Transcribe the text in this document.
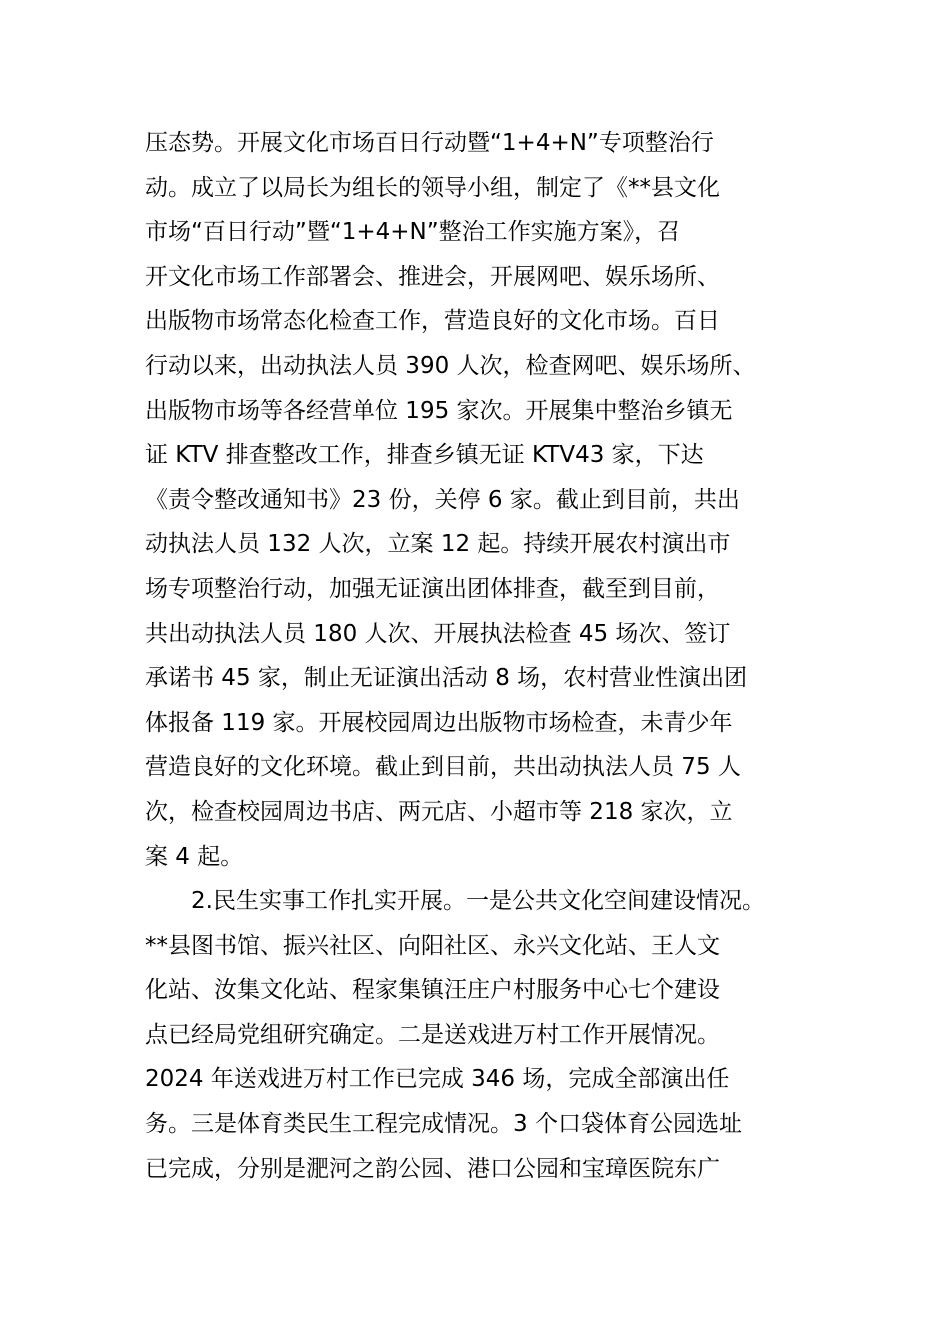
压态势。开展文化市场百日行动暨“1+4+N”专项整治行
动。成立了以局长为组长的领导小组，制定了《**县文化
市场“百日行动”暨“1+4+N”整治工作实施方案》，召
开文化市场工作部署会、推进会，开展网吧、娱乐场所、
出版物市场常态化检查工作，营造良好的文化市场。百日
行动以来，出动执法人员 390 人次，检查网吧、娱乐场所、
出版物市场等各经营单位 195 家次。开展集中整治乡镇无
证 KTV 排查整改工作，排查乡镇无证 KTV43 家，下达
《责令整改通知书》23 份，关停 6 家。截止到目前，共出
动执法人员 132 人次，立案 12 起。持续开展农村演出市
场专项整治行动，加强无证演出团体排查，截至到目前，
共出动执法人员 180 人次、开展执法检查 45 场次、签订
承诺书 45 家，制止无证演出活动 8 场，农村营业性演出团
体报备 119 家。开展校园周边出版物市场检查，未青少年
营造良好的文化环境。截止到目前，共出动执法人员 75 人
次，检查校园周边书店、两元店、小超市等 218 家次，立
案 4 起。
2.民生实事工作扎实开展。一是公共文化空间建设情况。
**县图书馆、振兴社区、向阳社区、永兴文化站、王人文
化站、汝集文化站、程家集镇汪庄户村服务中心七个建设
点已经局党组研究确定。二是送戏进万村工作开展情况。
2024 年送戏进万村工作已完成 346 场，完成全部演出任
务。三是体育类民生工程完成情况。3 个口袋体育公园选址
已完成，分别是淝河之韵公园、港口公园和宝璋医院东广
